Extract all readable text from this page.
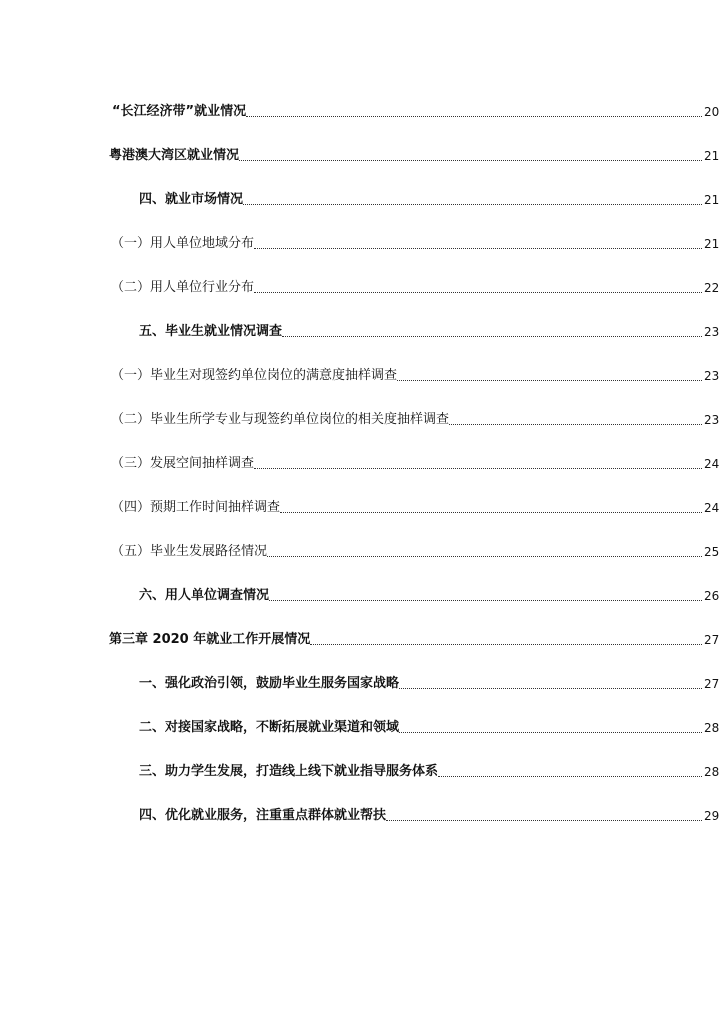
“长江经济带”就业情况	20
粤港澳大湾区就业情况	21
四、就业市场情况	21
（一）用人单位地域分布	21
（二）用人单位行业分布	22
五、毕业生就业情况调查	23
（一）毕业生对现签约单位岗位的满意度抽样调查	23
（二）毕业生所学专业与现签约单位岗位的相关度抽样调查	23
（三）发展空间抽样调查	24
（四）预期工作时间抽样调查	24
（五）毕业生发展路径情况	25
六、用人单位调查情况	26
第三章 2020 年就业工作开展情况	27
一、强化政治引领，鼓励毕业生服务国家战略	27
二、对接国家战略，不断拓展就业渠道和领域	28
三、助力学生发展，打造线上线下就业指导服务体系	28
四、优化就业服务，注重重点群体就业帮扶	29
